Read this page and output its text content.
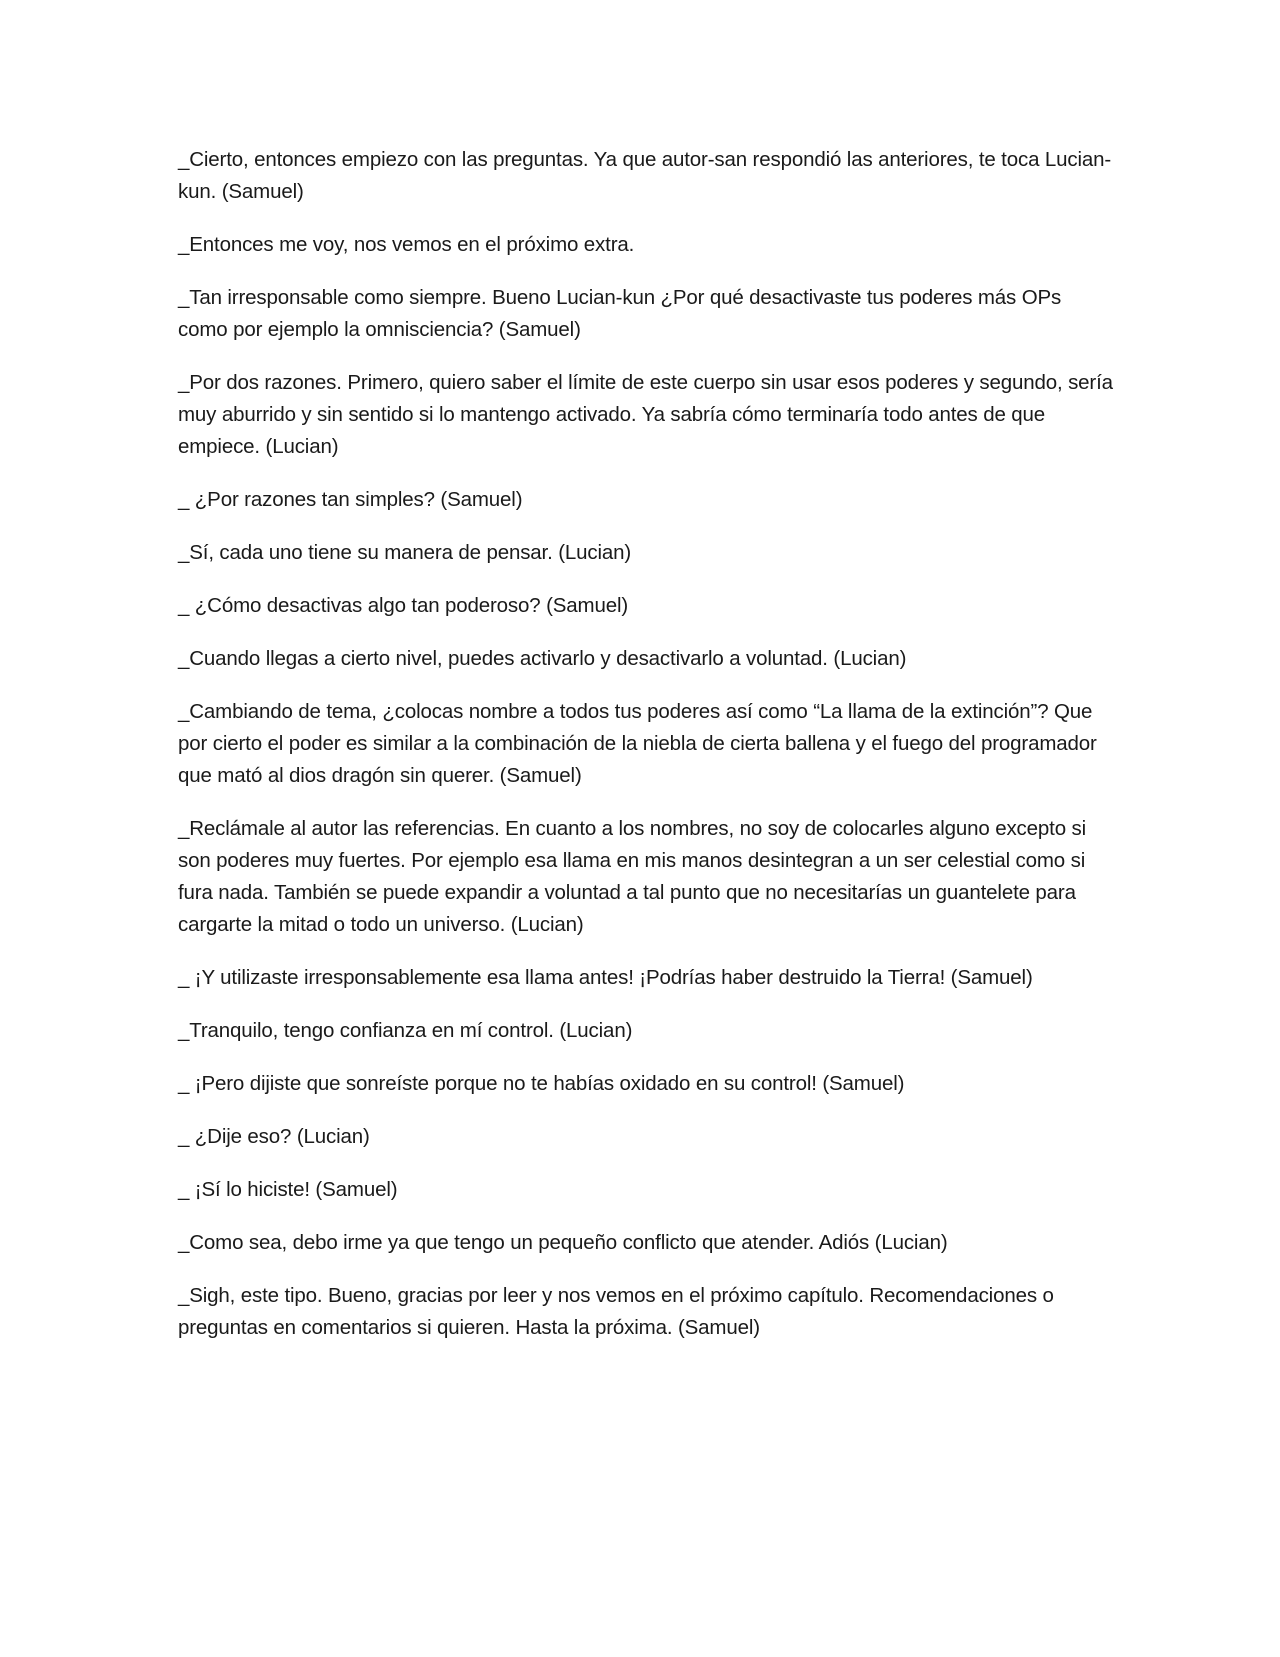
_Cierto, entonces empiezo con las preguntas. Ya que autor-san respondió las anteriores, te toca Lucian-kun. (Samuel)

_Entonces me voy, nos vemos en el próximo extra.

_Tan irresponsable como siempre. Bueno Lucian-kun ¿Por qué desactivaste tus poderes más OPs como por ejemplo la omnisciencia? (Samuel)

_Por dos razones. Primero, quiero saber el límite de este cuerpo sin usar esos poderes y segundo, sería muy aburrido y sin sentido si lo mantengo activado. Ya sabría cómo terminaría todo antes de que empiece. (Lucian)

_ ¿Por razones tan simples? (Samuel)

_Sí, cada uno tiene su manera de pensar. (Lucian)

_ ¿Cómo desactivas algo tan poderoso? (Samuel)

_Cuando llegas a cierto nivel, puedes activarlo y desactivarlo a voluntad. (Lucian)

_Cambiando de tema, ¿colocas nombre a todos tus poderes así como “La llama de la extinción”? Que por cierto el poder es similar a la combinación de la niebla de cierta ballena y el fuego del programador que mató al dios dragón sin querer. (Samuel)

_Reclámale al autor las referencias. En cuanto a los nombres, no soy de colocarles alguno excepto si son poderes muy fuertes. Por ejemplo esa llama en mis manos desintegran a un ser celestial como si fura nada. También se puede expandir a voluntad a tal punto que no necesitarías un guantelete para cargarte la mitad o todo un universo. (Lucian)

_ ¡Y utilizaste irresponsablemente esa llama antes! ¡Podrías haber destruido la Tierra! (Samuel)

_Tranquilo, tengo confianza en mí control. (Lucian)

_ ¡Pero dijiste que sonreíste porque no te habías oxidado en su control! (Samuel)

_ ¿Dije eso? (Lucian)

_ ¡Sí lo hiciste! (Samuel)

_Como sea, debo irme ya que tengo un pequeño conflicto que atender. Adiós (Lucian)

_Sigh, este tipo. Bueno, gracias por leer y nos vemos en el próximo capítulo. Recomendaciones o preguntas en comentarios si quieren. Hasta la próxima. (Samuel)
